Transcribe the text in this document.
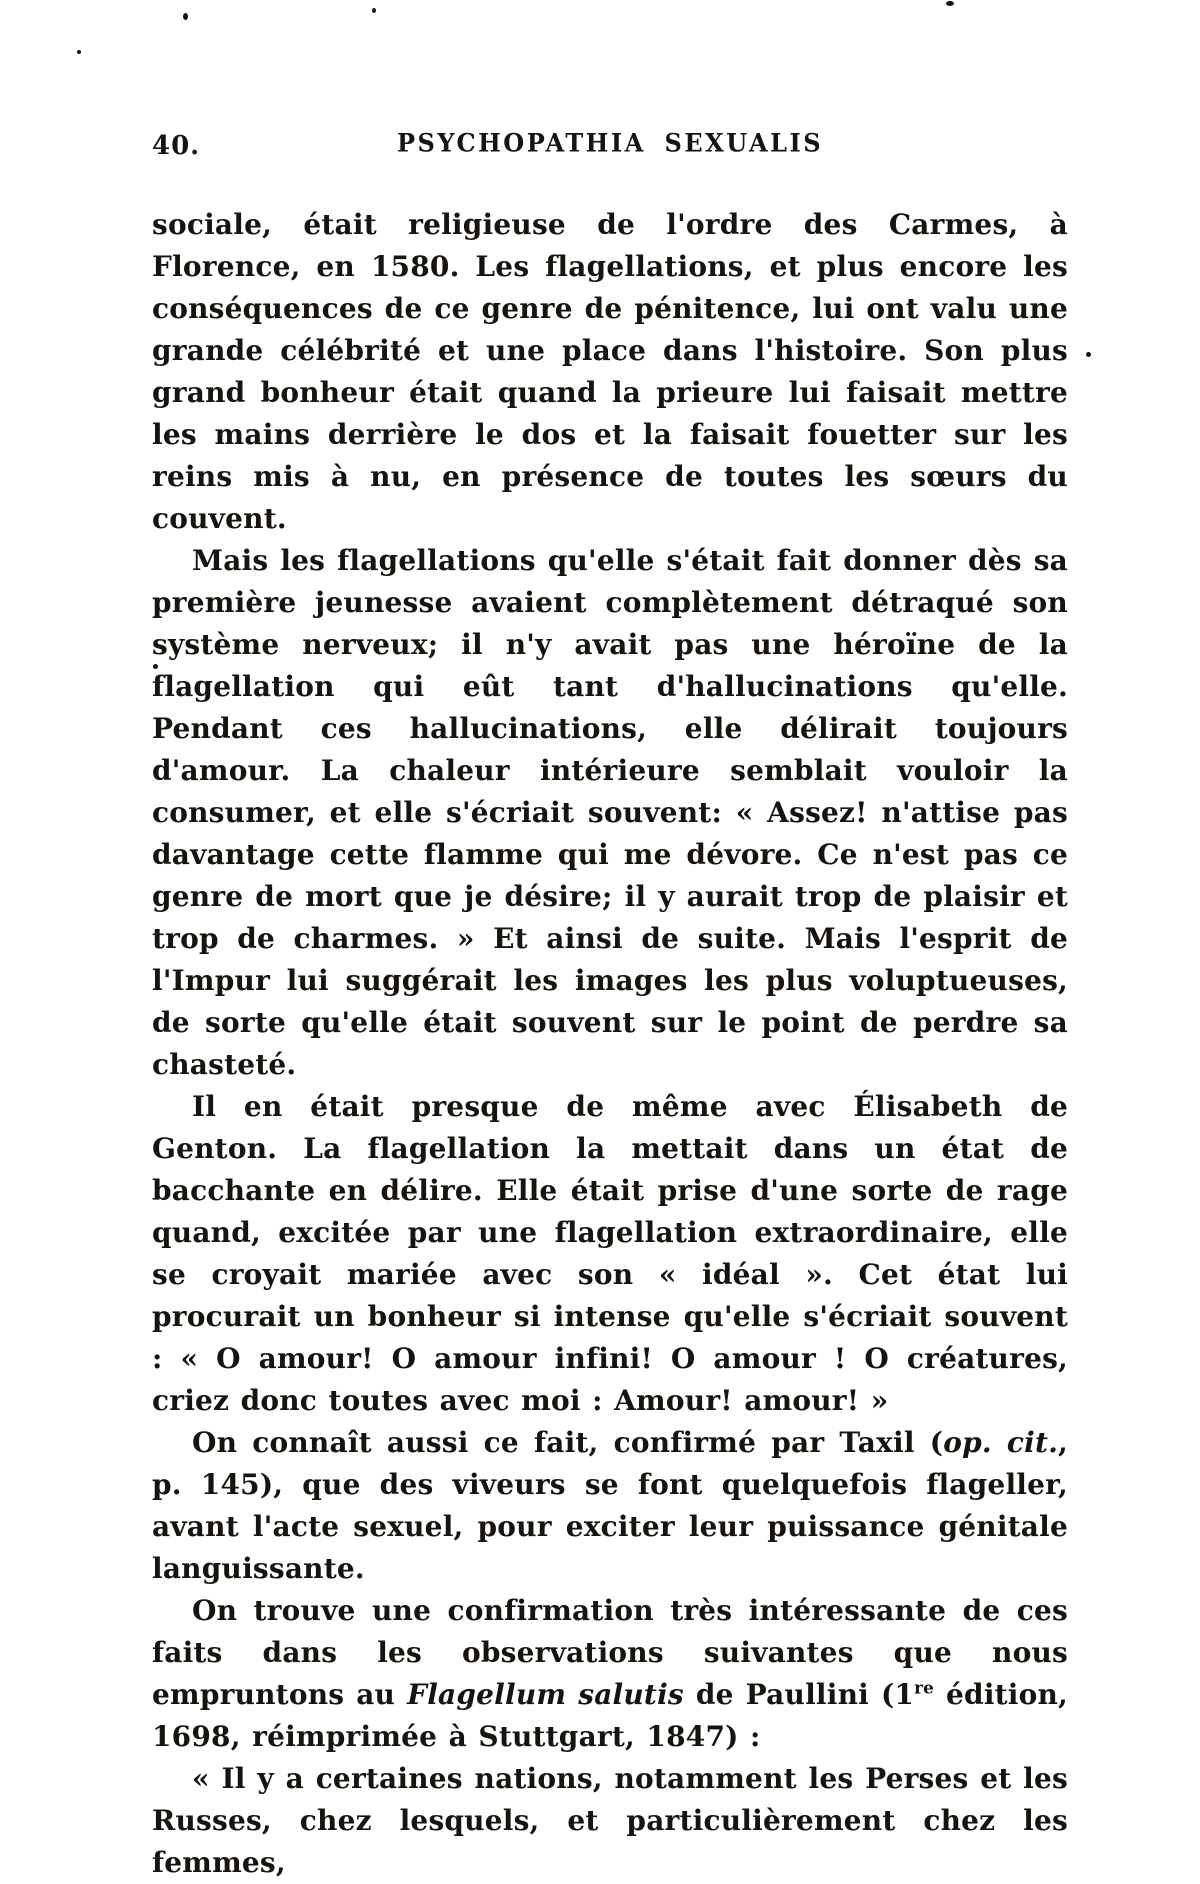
40.	PSYCHOPATHIA SEXUALIS

sociale, était religieuse de l'ordre des Carmes, à Florence, en 1580. Les flagellations, et plus encore les conséquences de ce genre de pénitence, lui ont valu une grande célébrité et une place dans l'histoire. Son plus grand bonheur était quand la prieure lui faisait mettre les mains derrière le dos et la faisait fouetter sur les reins mis à nu, en présence de toutes les sœurs du couvent.

Mais les flagellations qu'elle s'était fait donner dès sa première jeunesse avaient complètement détraqué son système nerveux; il n'y avait pas une héroïne de la flagellation qui eût tant d'hallucinations qu'elle. Pendant ces hallucinations, elle délirait toujours d'amour. La chaleur intérieure semblait vouloir la consumer, et elle s'écriait souvent: « Assez! n'attise pas davantage cette flamme qui me dévore. Ce n'est pas ce genre de mort que je désire; il y aurait trop de plaisir et trop de charmes. » Et ainsi de suite. Mais l'esprit de l'Impur lui suggérait les images les plus voluptueuses, de sorte qu'elle était souvent sur le point de perdre sa chasteté.

Il en était presque de même avec Élisabeth de Genton. La flagellation la mettait dans un état de bacchante en délire. Elle était prise d'une sorte de rage quand, excitée par une flagellation extraordinaire, elle se croyait mariée avec son « idéal ». Cet état lui procurait un bonheur si intense qu'elle s'écriait souvent : « O amour! O amour infini! O amour ! O créatures, criez donc toutes avec moi : Amour! amour! »

On connaît aussi ce fait, confirmé par Taxil (op. cit., p. 145), que des viveurs se font quelquefois flageller, avant l'acte sexuel, pour exciter leur puissance génitale languissante.

On trouve une confirmation très intéressante de ces faits dans les observations suivantes que nous empruntons au Flagellum salutis de Paullini (1re édition, 1698, réimprimée à Stuttgart, 1847) :

« Il y a certaines nations, notamment les Perses et les Russes, chez lesquels, et particulièrement chez les femmes,
